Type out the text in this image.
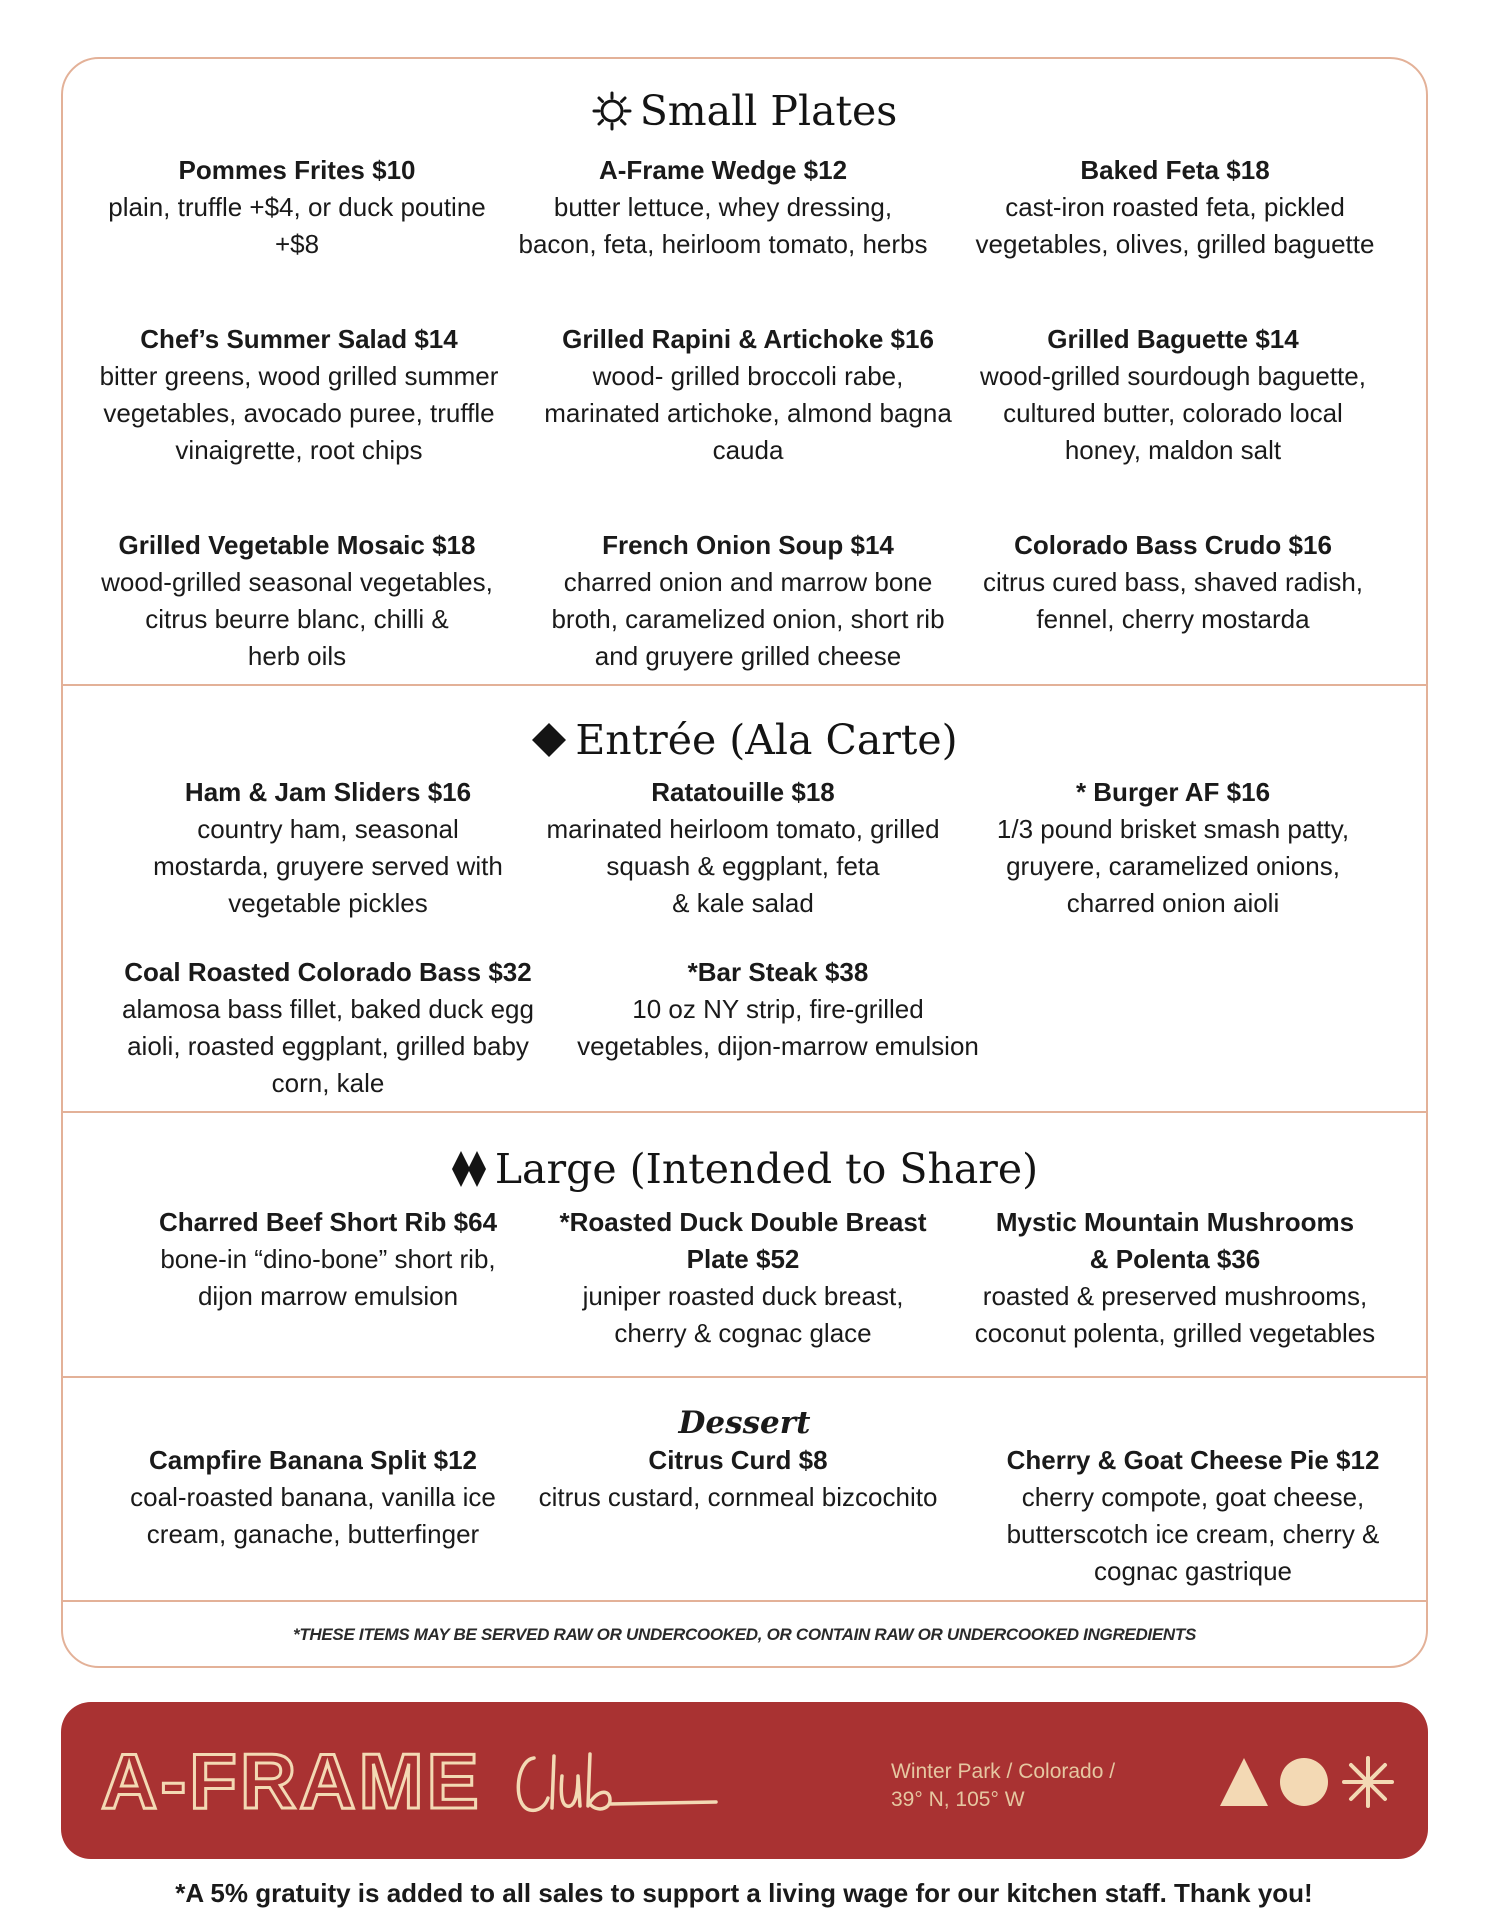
Small Plates
Pommes Frites $10
plain, truffle +$4, or duck poutine
+$8
A-Frame Wedge $12
butter lettuce, whey dressing,
bacon, feta, heirloom tomato, herbs
Baked Feta $18
cast-iron roasted feta, pickled
vegetables, olives, grilled baguette
Chef’s Summer Salad $14
bitter greens, wood grilled summer
vegetables, avocado puree, truffle
vinaigrette, root chips
Grilled Rapini & Artichoke $16
wood- grilled broccoli rabe,
marinated artichoke, almond bagna
cauda
Grilled Baguette $14
wood-grilled sourdough baguette,
cultured butter, colorado local
honey, maldon salt
Grilled Vegetable Mosaic $18
wood-grilled seasonal vegetables,
citrus beurre blanc, chilli &
herb oils
French Onion Soup $14
charred onion and marrow bone
broth, caramelized onion, short rib
and gruyere grilled cheese
Colorado Bass Crudo $16
citrus cured bass, shaved radish,
fennel, cherry mostarda
Entrée (Ala Carte)
Ham & Jam Sliders $16
country ham, seasonal
mostarda, gruyere served with
vegetable pickles
Ratatouille $18
marinated heirloom tomato, grilled
squash & eggplant, feta
& kale salad
* Burger AF $16
1/3 pound brisket smash patty,
gruyere, caramelized onions,
charred onion aioli
Coal Roasted Colorado Bass $32
alamosa bass fillet, baked duck egg
aioli, roasted eggplant, grilled baby
corn, kale
*Bar Steak $38
10 oz NY strip, fire-grilled
vegetables, dijon-marrow emulsion
Large (Intended to Share)
Charred Beef Short Rib $64
bone-in “dino-bone” short rib,
dijon marrow emulsion
*Roasted Duck Double Breast
Plate $52
juniper roasted duck breast,
cherry & cognac glace
Mystic Mountain Mushrooms
& Polenta $36
roasted & preserved mushrooms,
coconut polenta, grilled vegetables
Dessert
Campfire Banana Split $12
coal-roasted banana, vanilla ice
cream, ganache, butterfinger
Citrus Curd $8
citrus custard, cornmeal bizcochito
Cherry & Goat Cheese Pie $12
cherry compote, goat cheese,
butterscotch ice cream, cherry &
cognac gastrique
*THESE ITEMS MAY BE SERVED RAW OR UNDERCOOKED, OR CONTAIN RAW OR UNDERCOOKED INGREDIENTS
A-FRAME	Winter Park / Colorado /
39° N, 105° W
*A 5% gratuity is added to all sales to support a living wage for our kitchen staff. Thank you!
